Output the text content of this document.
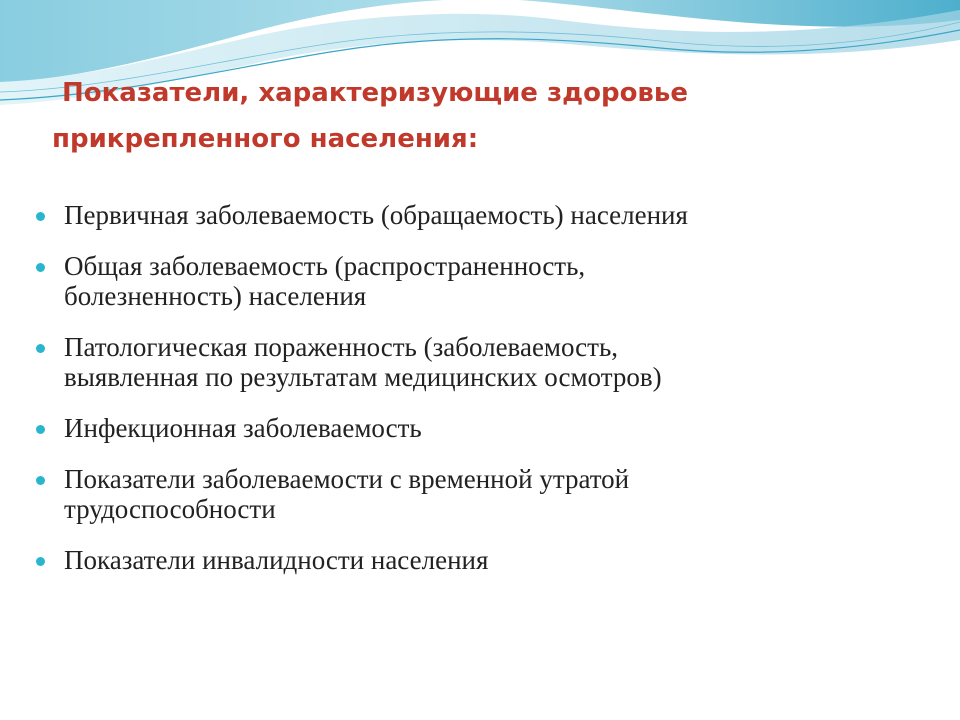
Показатели, характеризующие здоровье
прикрепленного населения:
Первичная заболеваемость (обращаемость) населения
Общая заболеваемость (распространенность,
болезненность) населения
Патологическая пораженность (заболеваемость,
выявленная по результатам медицинских осмотров)
Инфекционная заболеваемость
Показатели заболеваемости с временной утратой
трудоспособности
Показатели инвалидности населения
